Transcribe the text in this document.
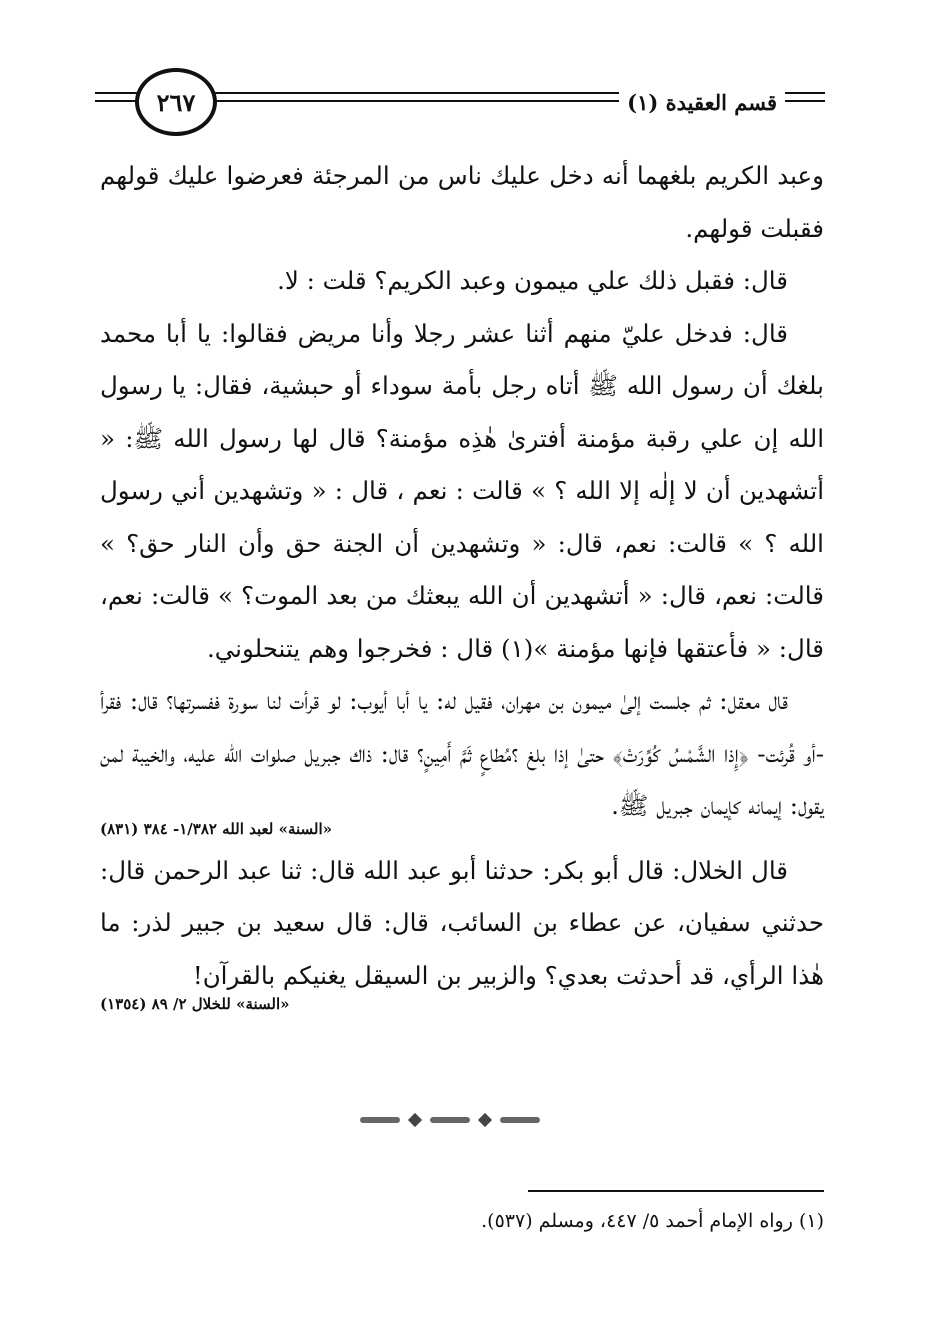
قسم العقيدة (١)
٢٦٧

وعبد الكريم بلغهما أنه دخل عليك ناس من المرجئة فعرضوا عليك قولهم فقبلت قولهم.

قال: فقبل ذلك علي ميمون وعبد الكريم؟ قلت : لا.

قال: فدخل عليّ منهم أثنا عشر رجلا وأنا مريض فقالوا: يا أبا محمد بلغك أن رسول الله ﷺ أتاه رجل بأمة سوداء أو حبشية، فقال: يا رسول الله إن علي رقبة مؤمنة أفترىٰ هٰذِه مؤمنة؟ قال لها رسول الله ﷺ: « أتشهدين أن لا إلٰه إلا الله ؟ » قالت : نعم ، قال : « وتشهدين أني رسول الله ؟ » قالت: نعم، قال: « وتشهدين أن الجنة حق وأن النار حق؟ » قالت: نعم، قال: « أتشهدين أن الله يبعثك من بعد الموت؟ » قالت: نعم، قال: « فأعتقها فإنها مؤمنة »(١) قال : فخرجوا وهم يتنحلوني.

قال معقل: ثم جلست إلىٰ ميمون بن مهران، فقيل له: يا أبا أيوب: لو قرأت لنا سورة ففسرتها؟ قال: فقرأ -أو قُرئت- ﴿إِذا الشَّمْسُ كُوِّرَتْ﴾ حتىٰ إذا بلغ ؟مُطاعٍ ثَمَّ أَمِينٍ؟ قال: ذاك جبريل صلوات الله عليه، والخيبة لمن يقول: إيمانه كإيمان جبريل ﷺ.

«السنة» لعبد الله ١/٣٨٢- ٣٨٤ (٨٣١)

قال الخلال: قال أبو بكر: حدثنا أبو عبد الله قال: ثنا عبد الرحمن قال: حدثني سفيان، عن عطاء بن السائب، قال: قال سعيد بن جبير لذر: ما هٰذا الرأي، قد أحدثت بعدي؟ والزبير بن السيقل يغنيكم بالقرآن!

«السنة» للخلال ٢/ ٨٩ (١٣٥٤)
(١) رواه الإمام أحمد ٥/ ٤٤٧، ومسلم (٥٣٧).
